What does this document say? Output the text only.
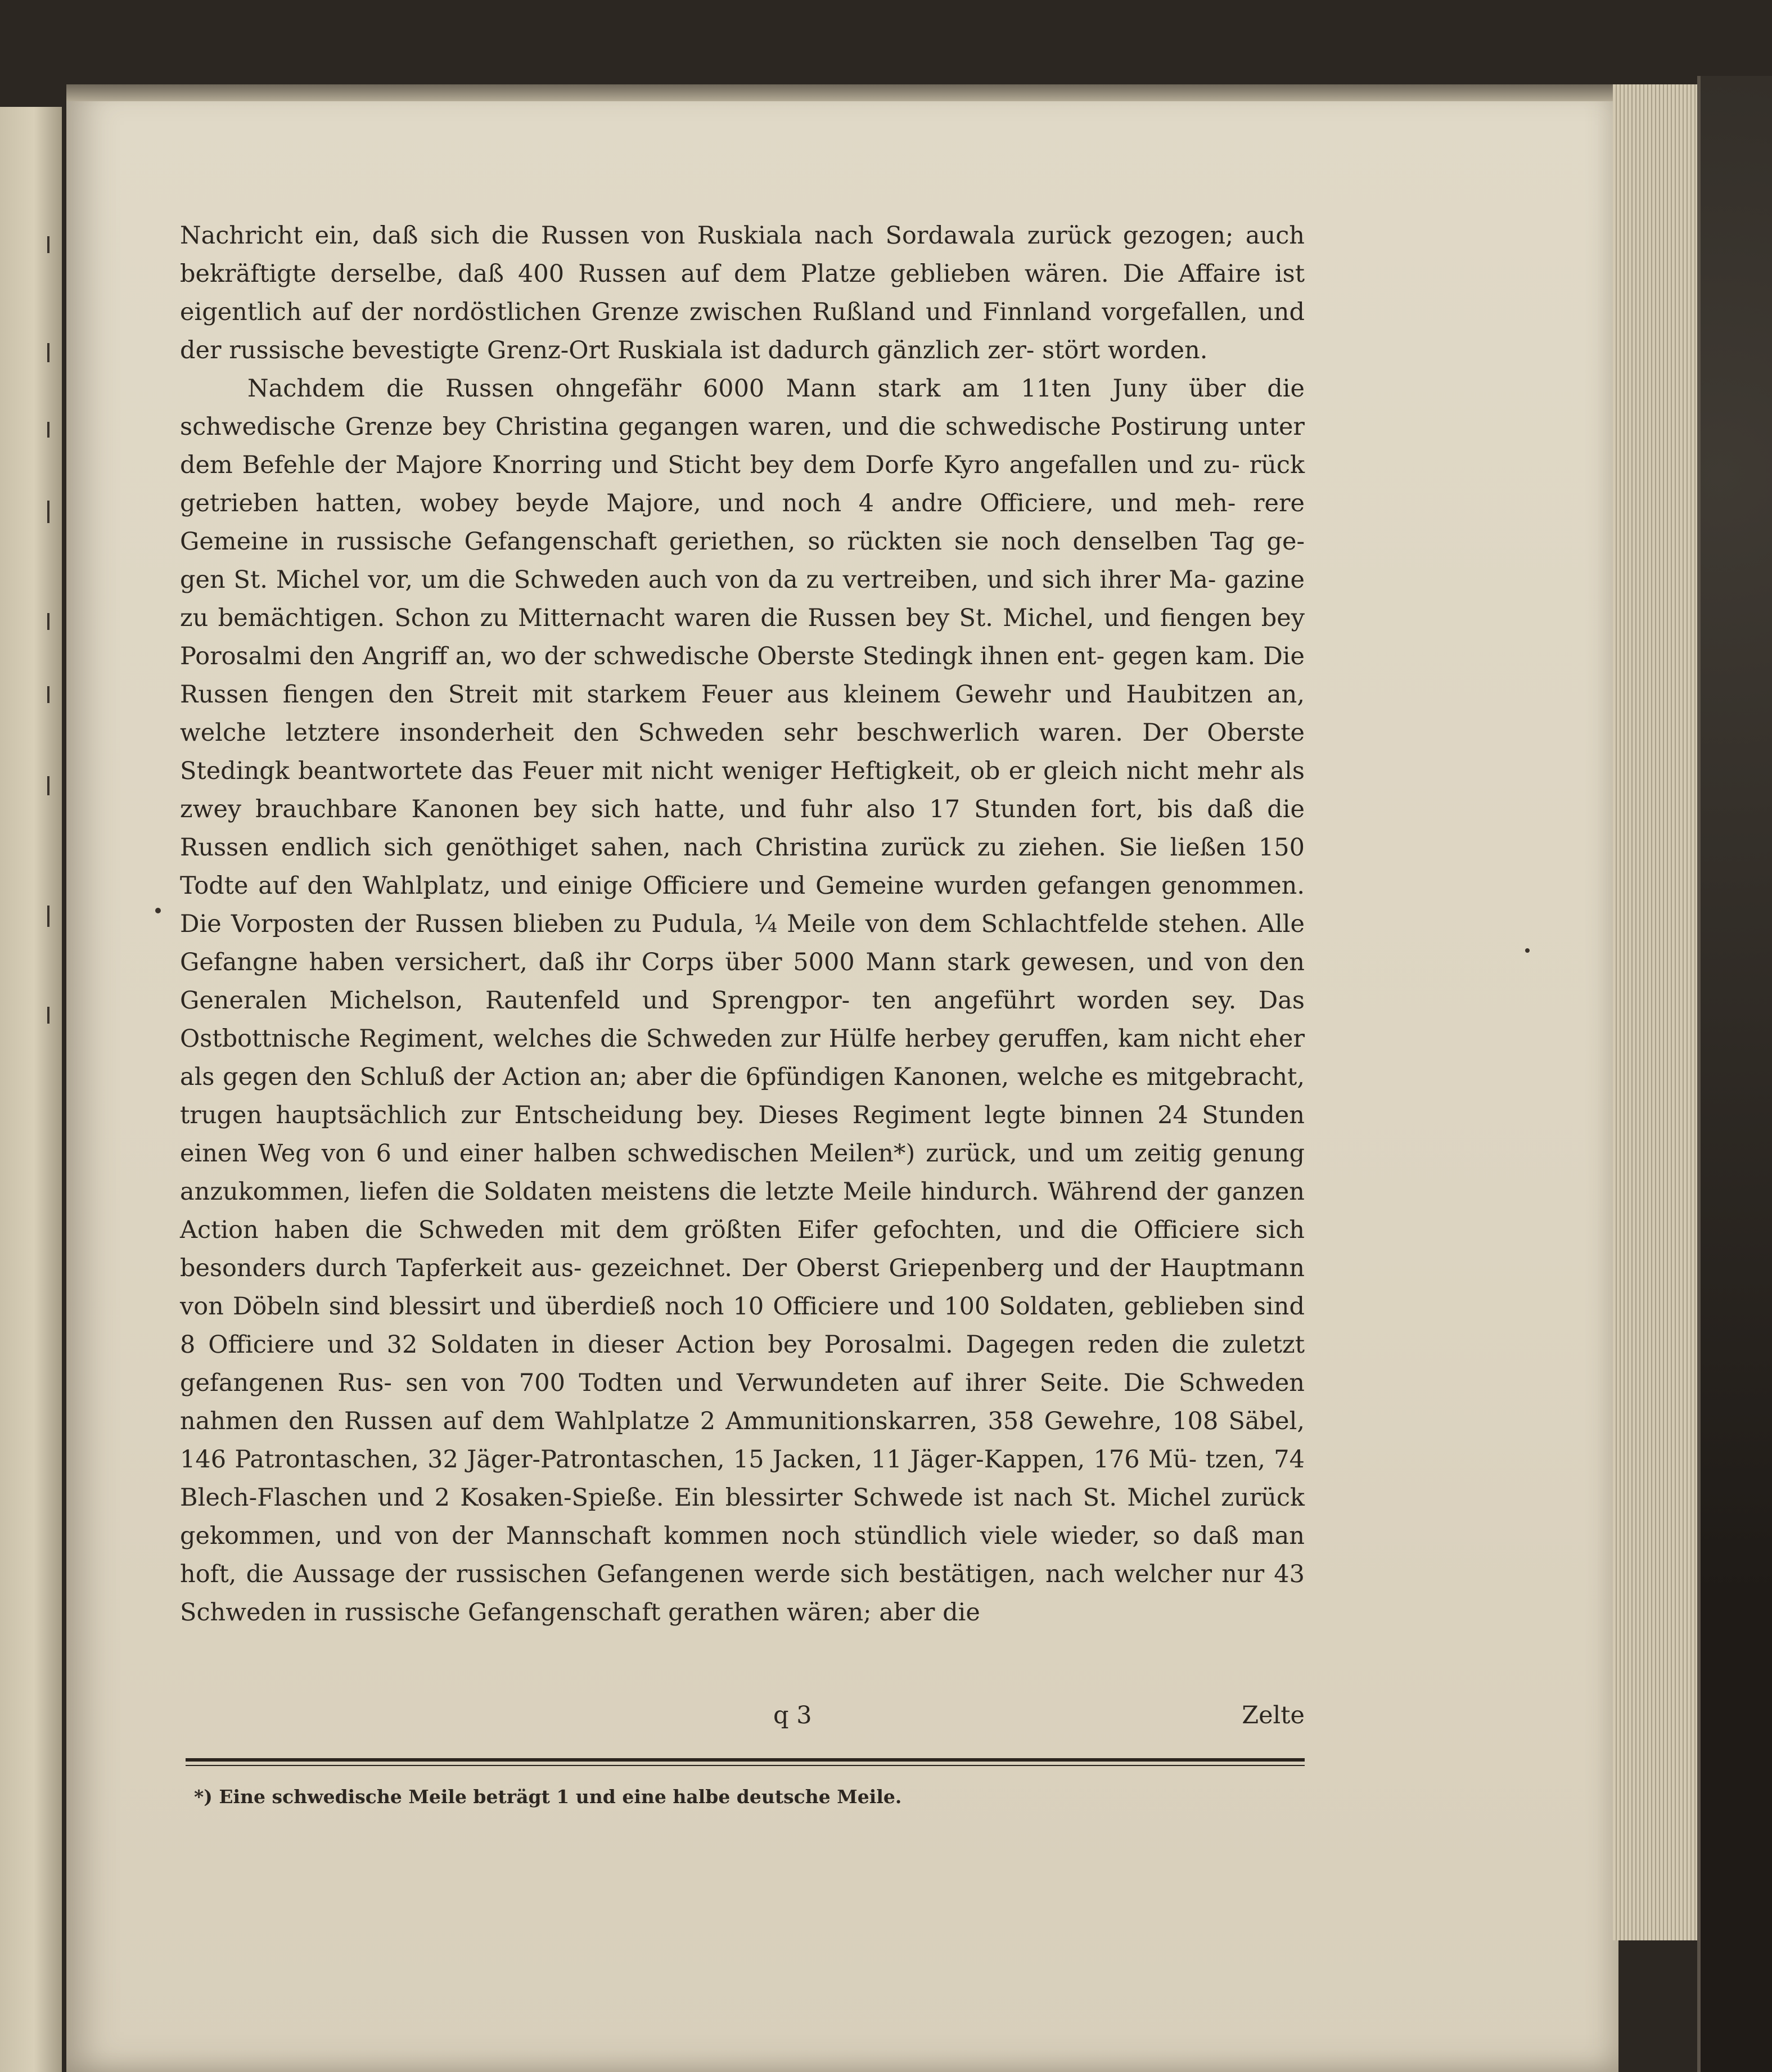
Nachricht ein, daß sich die Russen von Ruskiala nach Sordawala zurück gezogen; auch bekräftigte derselbe, daß 400 Russen auf dem Platze geblieben wären. Die Affaire ist eigentlich auf der nordöstlichen Grenze zwischen Rußland und Finnland vorgefallen, und der russische bevestigte Grenz-Ort Ruskiala ist dadurch gänzlich zer- stört worden.

Nachdem die Russen ohngefähr 6000 Mann stark am 11ten Juny über die schwedische Grenze bey Christina gegangen waren, und die schwedische Postirung unter dem Befehle der Majore Knorring und Sticht bey dem Dorfe Kyro angefallen und zu- rück getrieben hatten, wobey beyde Majore, und noch 4 andre Officiere, und meh- rere Gemeine in russische Gefangenschaft geriethen, so rückten sie noch denselben Tag ge- gen St. Michel vor, um die Schweden auch von da zu vertreiben, und sich ihrer Ma- gazine zu bemächtigen. Schon zu Mitternacht waren die Russen bey St. Michel, und fiengen bey Porosalmi den Angriff an, wo der schwedische Oberste Stedingk ihnen ent- gegen kam. Die Russen fiengen den Streit mit starkem Feuer aus kleinem Gewehr und Haubitzen an, welche letztere insonderheit den Schweden sehr beschwerlich waren. Der Oberste Stedingk beantwortete das Feuer mit nicht weniger Heftigkeit, ob er gleich nicht mehr als zwey brauchbare Kanonen bey sich hatte, und fuhr also 17 Stunden fort, bis daß die Russen endlich sich genöthiget sahen, nach Christina zurück zu ziehen. Sie ließen 150 Todte auf den Wahlplatz, und einige Officiere und Gemeine wurden gefangen genommen. Die Vorposten der Russen blieben zu Pudula, ¼ Meile von dem Schlachtfelde stehen. Alle Gefangne haben versichert, daß ihr Corps über 5000 Mann stark gewesen, und von den Generalen Michelson, Rautenfeld und Sprengpor- ten angeführt worden sey. Das Ostbottnische Regiment, welches die Schweden zur Hülfe herbey geruffen, kam nicht eher als gegen den Schluß der Action an; aber die 6pfündigen Kanonen, welche es mitgebracht, trugen hauptsächlich zur Entscheidung bey. Dieses Regiment legte binnen 24 Stunden einen Weg von 6 und einer halben schwedischen Meilen*) zurück, und um zeitig genung anzukommen, liefen die Soldaten meistens die letzte Meile hindurch. Während der ganzen Action haben die Schweden mit dem größten Eifer gefochten, und die Officiere sich besonders durch Tapferkeit aus- gezeichnet. Der Oberst Griepenberg und der Hauptmann von Döbeln sind blessirt und überdieß noch 10 Officiere und 100 Soldaten, geblieben sind 8 Officiere und 32 Soldaten in dieser Action bey Porosalmi. Dagegen reden die zuletzt gefangenen Rus- sen von 700 Todten und Verwundeten auf ihrer Seite. Die Schweden nahmen den Russen auf dem Wahlplatze 2 Ammunitionskarren, 358 Gewehre, 108 Säbel, 146 Patrontaschen, 32 Jäger-Patrontaschen, 15 Jacken, 11 Jäger-Kappen, 176 Mü- tzen, 74 Blech-Flaschen und 2 Kosaken-Spieße. Ein blessirter Schwede ist nach St. Michel zurück gekommen, und von der Mannschaft kommen noch stündlich viele wieder, so daß man hoft, die Aussage der russischen Gefangenen werde sich bestätigen, nach welcher nur 43 Schweden in russische Gefangenschaft gerathen wären; aber die

q 3	Zelte
*) Eine schwedische Meile beträgt 1 und eine halbe deutsche Meile.
